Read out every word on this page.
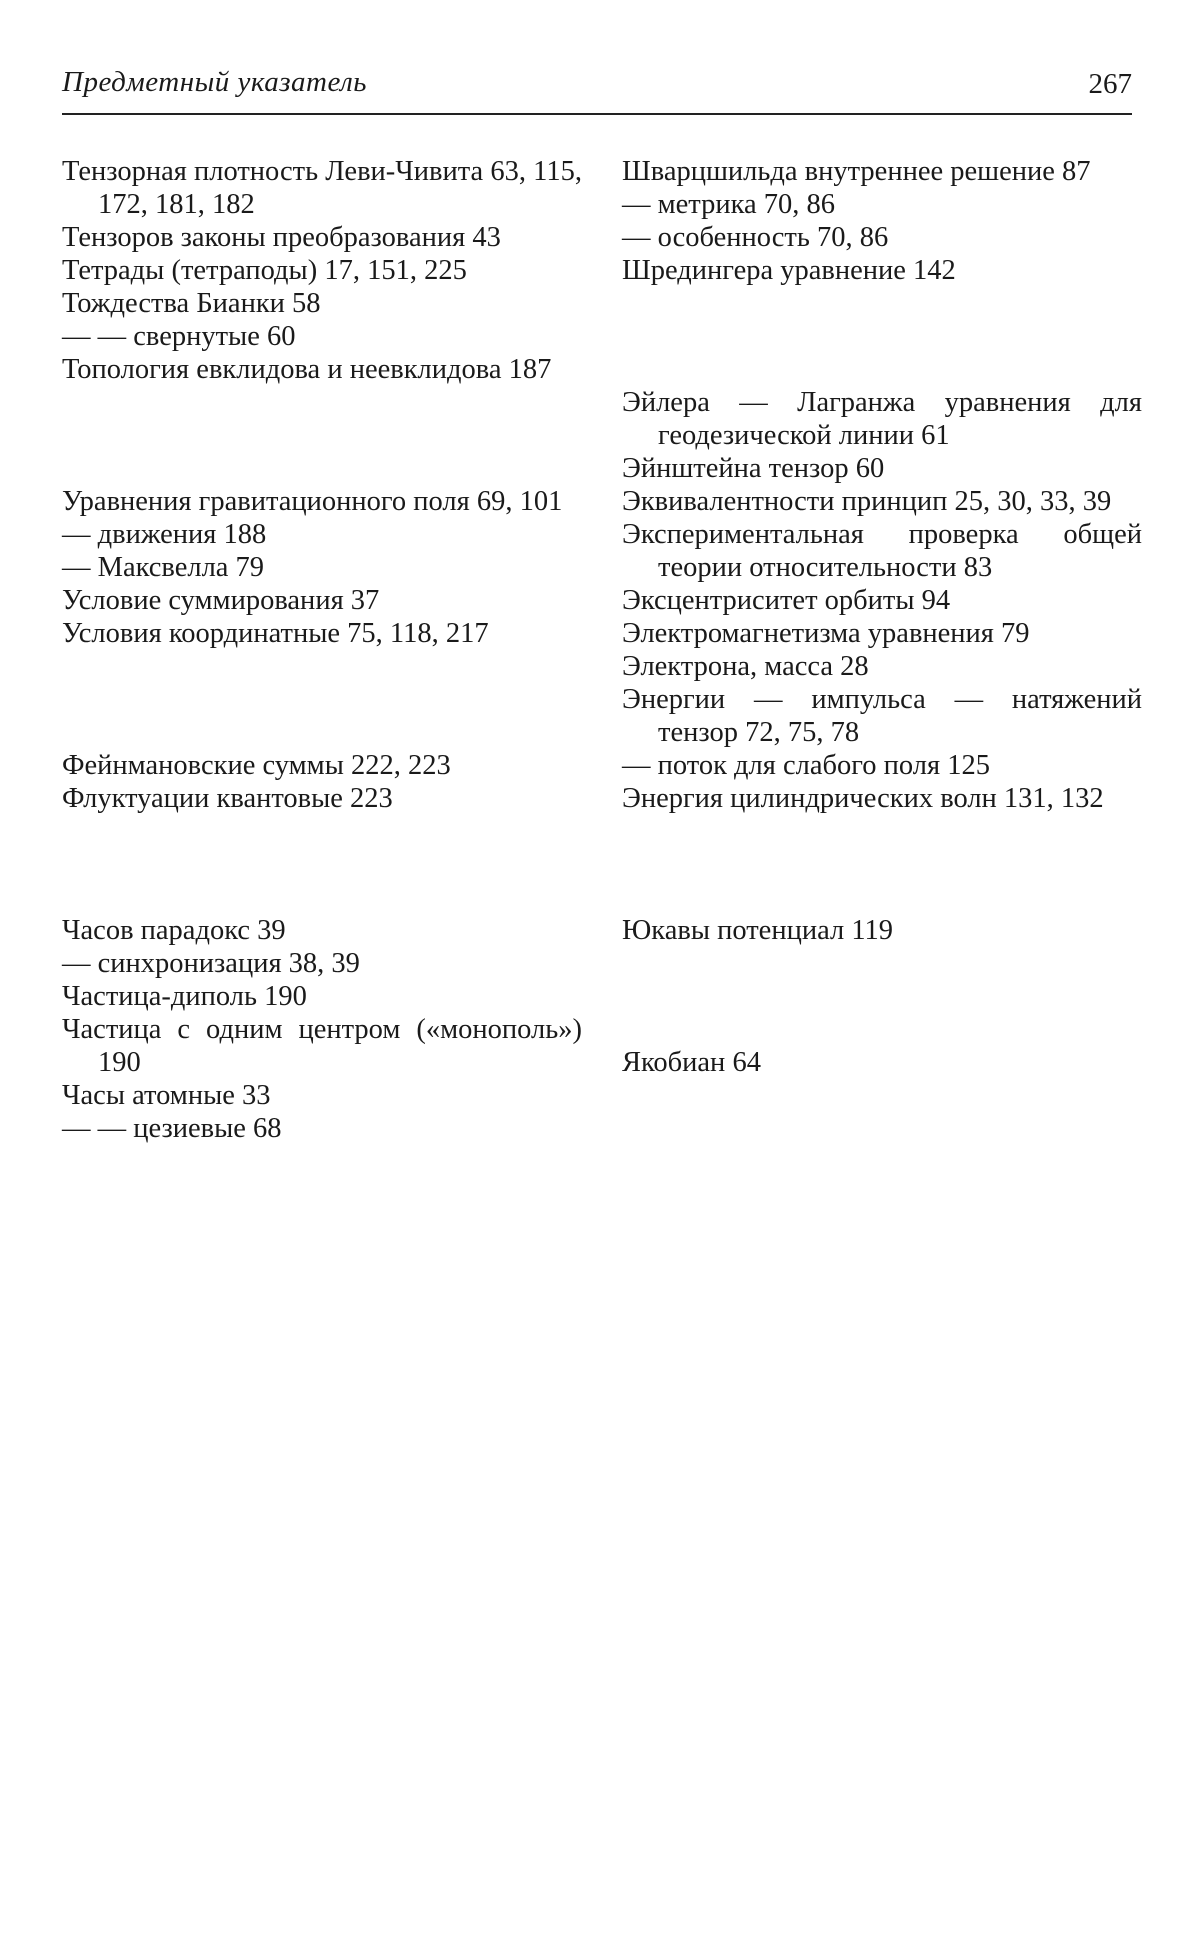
Предметный указатель	267

Тензорная плотность Леви-Чивита 63, 115, 172, 181, 182

Тензоров законы преобразования 43

Тетрады (тетраподы) 17, 151, 225

Тождества Бианки 58

— — свернутые 60

Топология евклидова и неевклидова 187

Уравнения гравитационного поля 69, 101

— движения 188

— Максвелла 79

Условие суммирования 37

Условия координатные 75, 118, 217

Фейнмановские суммы 222, 223

Флуктуации квантовые 223

Часов парадокс 39

— синхронизация 38, 39

Частица-диполь 190

Частица с одним центром («монополь») 190

Часы атомные 33

— — цезиевые 68

Шварцшильда внутреннее решение 87

— метрика 70, 86

— особенность 70, 86

Шредингера уравнение 142

Эйлера — Лагранжа уравнения для геодезической линии 61

Эйнштейна тензор 60

Эквивалентности принцип 25, 30, 33, 39

Экспериментальная проверка общей теории относительности 83

Эксцентриситет орбиты 94

Электромагнетизма уравнения 79

Электрона, масса 28

Энергии — импульса — натяжений тензор 72, 75, 78

— поток для слабого поля 125

Энергия цилиндрических волн 131, 132

Юкавы потенциал 119

Якобиан 64
